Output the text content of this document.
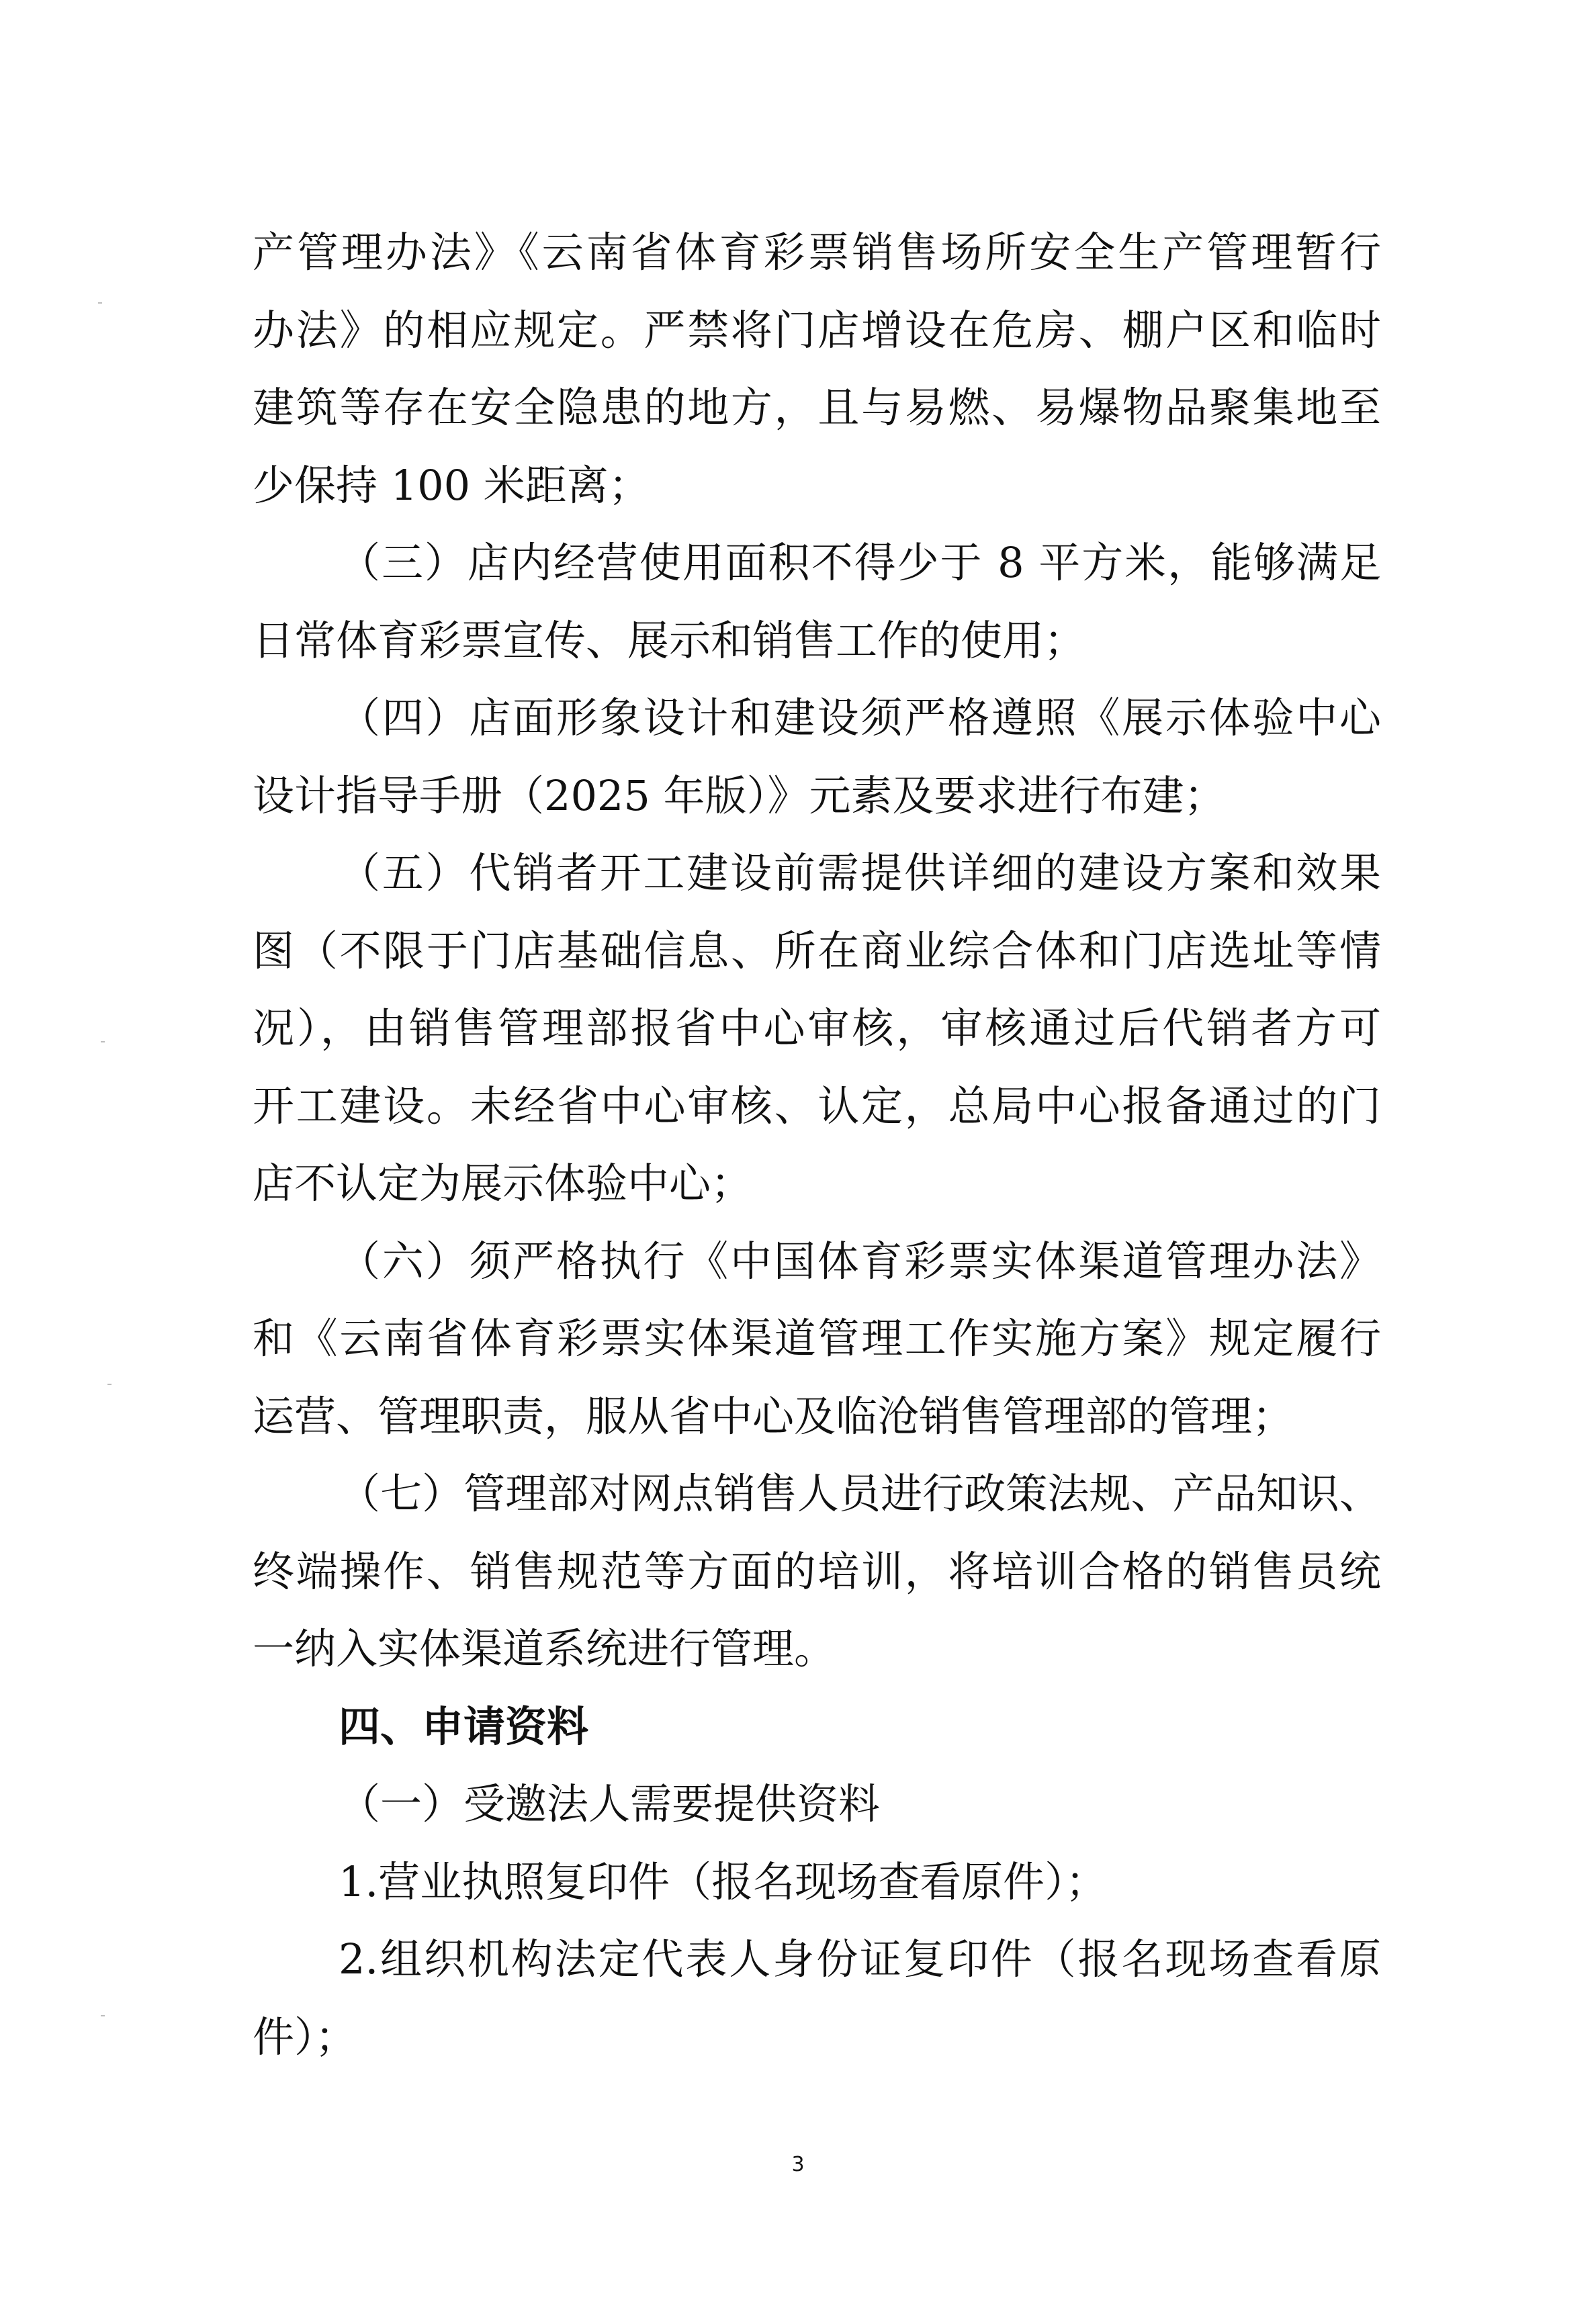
产管理办法》《云南省体育彩票销售场所安全生产管理暂行
办法》的相应规定。严禁将门店增设在危房、棚户区和临时
建筑等存在安全隐患的地方，且与易燃、易爆物品聚集地至
少保持 100 米距离；
（三）店内经营使用面积不得少于 8 平方米，能够满足
日常体育彩票宣传、展示和销售工作的使用；
（四）店面形象设计和建设须严格遵照《展示体验中心
设计指导手册（2025 年版）》元素及要求进行布建；
（五）代销者开工建设前需提供详细的建设方案和效果
图（不限于门店基础信息、所在商业综合体和门店选址等情
况），由销售管理部报省中心审核，审核通过后代销者方可
开工建设。未经省中心审核、认定，总局中心报备通过的门
店不认定为展示体验中心；
（六）须严格执行《中国体育彩票实体渠道管理办法》
和《云南省体育彩票实体渠道管理工作实施方案》规定履行
运营、管理职责，服从省中心及临沧销售管理部的管理；
（七）管理部对网点销售人员进行政策法规、产品知识、
终端操作、销售规范等方面的培训，将培训合格的销售员统
一纳入实体渠道系统进行管理。
四、申请资料
（一）受邀法人需要提供资料
1.营业执照复印件（报名现场查看原件）；
2.组织机构法定代表人身份证复印件（报名现场查看原
件）；
3
